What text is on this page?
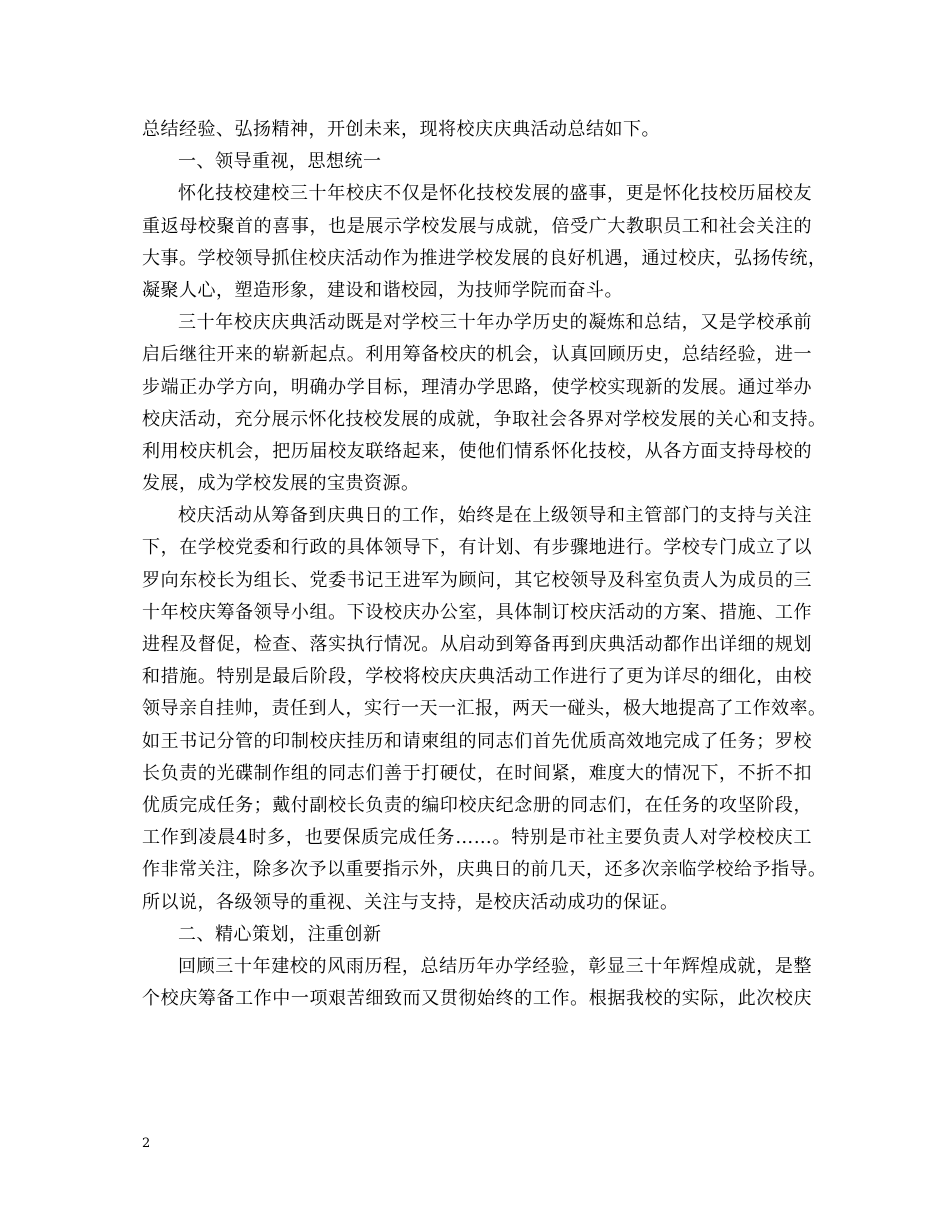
总结经验、弘扬精神，开创未来，现将校庆庆典活动总结如下。
一、领导重视，思想统一
怀化技校建校三十年校庆不仅是怀化技校发展的盛事，更是怀化技校历届校友
重返母校聚首的喜事，也是展示学校发展与成就，倍受广大教职员工和社会关注的
大事。学校领导抓住校庆活动作为推进学校发展的良好机遇，通过校庆，弘扬传统，
凝聚人心，塑造形象，建设和谐校园，为技师学院而奋斗。
三十年校庆庆典活动既是对学校三十年办学历史的凝炼和总结，又是学校承前
启后继往开来的崭新起点。利用筹备校庆的机会，认真回顾历史，总结经验，进一
步端正办学方向，明确办学目标，理清办学思路，使学校实现新的发展。通过举办
校庆活动，充分展示怀化技校发展的成就，争取社会各界对学校发展的关心和支持。
利用校庆机会，把历届校友联络起来，使他们情系怀化技校，从各方面支持母校的
发展，成为学校发展的宝贵资源。
校庆活动从筹备到庆典日的工作，始终是在上级领导和主管部门的支持与关注
下，在学校党委和行政的具体领导下，有计划、有步骤地进行。学校专门成立了以
罗向东校长为组长、党委书记王进军为顾问，其它校领导及科室负责人为成员的三
十年校庆筹备领导小组。下设校庆办公室，具体制订校庆活动的方案、措施、工作
进程及督促，检查、落实执行情况。从启动到筹备再到庆典活动都作出详细的规划
和措施。特别是最后阶段，学校将校庆庆典活动工作进行了更为详尽的细化，由校
领导亲自挂帅，责任到人，实行一天一汇报，两天一碰头，极大地提高了工作效率。
如王书记分管的印制校庆挂历和请柬组的同志们首先优质高效地完成了任务；罗校
长负责的光碟制作组的同志们善于打硬仗，在时间紧，难度大的情况下，不折不扣
优质完成任务；戴付副校长负责的编印校庆纪念册的同志们，在任务的攻坚阶段，
工作到凌晨4时多，也要保质完成任务……。特别是市社主要负责人对学校校庆工
作非常关注，除多次予以重要指示外，庆典日的前几天，还多次亲临学校给予指导。
所以说，各级领导的重视、关注与支持，是校庆活动成功的保证。
二、精心策划，注重创新
回顾三十年建校的风雨历程，总结历年办学经验，彰显三十年辉煌成就，是整
个校庆筹备工作中一项艰苦细致而又贯彻始终的工作。根据我校的实际，此次校庆
2
